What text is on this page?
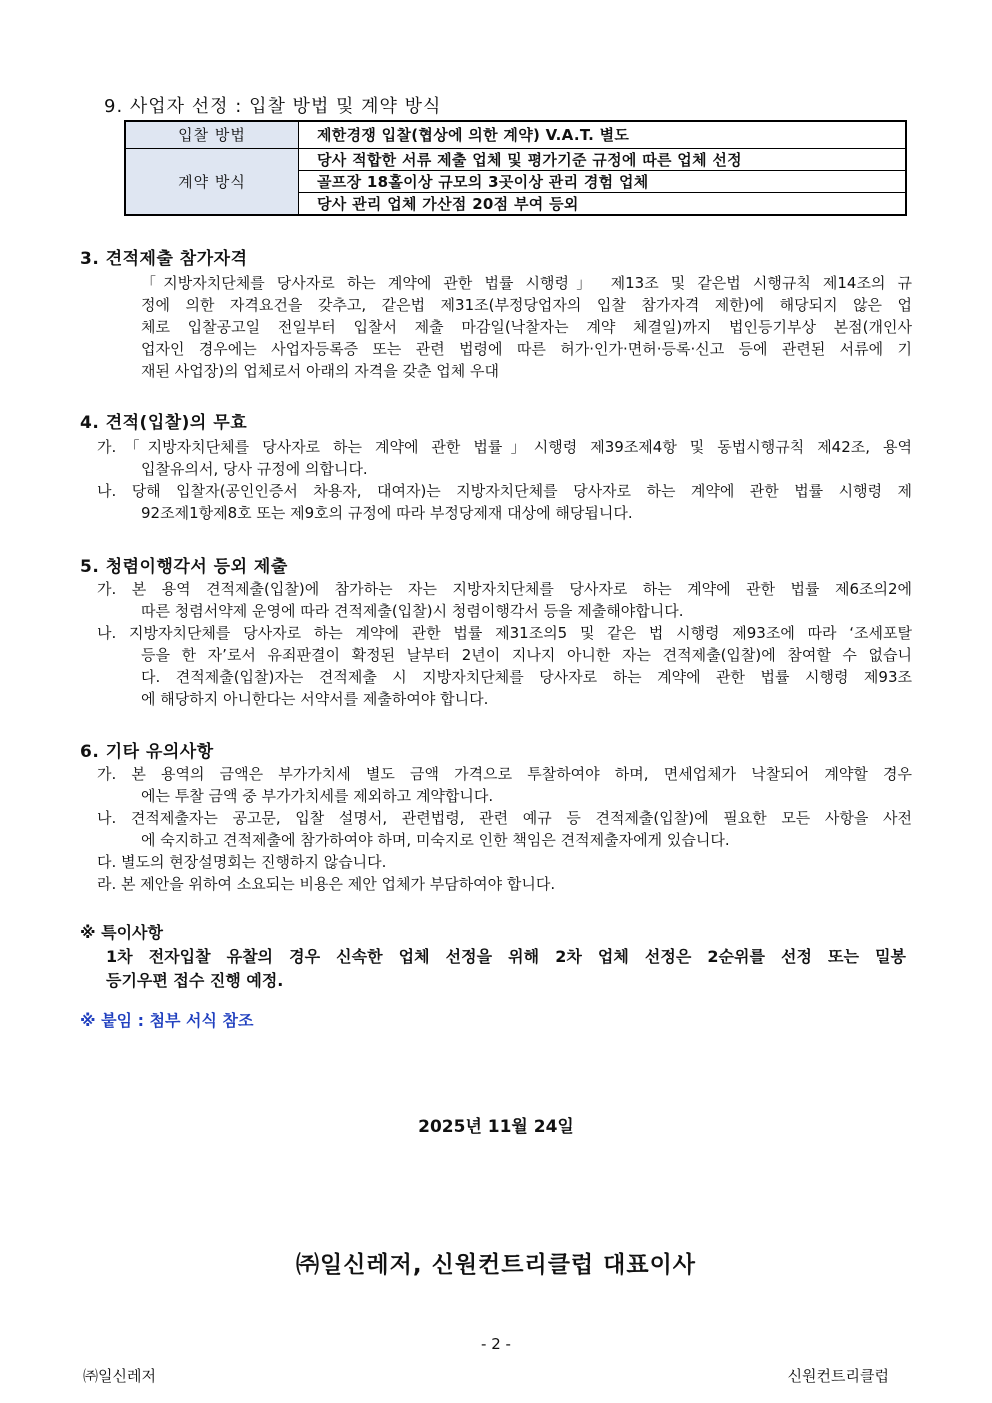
9. 사업자 선정 : 입찰 방법 및 계약 방식
입찰 방법	제한경쟁 입찰(협상에 의한 계약) V.A.T. 별도
계약 방식	당사 적합한 서류 제출 업체 및 평가기준 규정에 따른 업체 선정
	골프장 18홀이상 규모의 3곳이상 관리 경험 업체
	당사 관리 업체 가산점 20점 부여 등외
3. 견적제출 참가자격
「지방자치단체를 당사자로 하는 계약에 관한 법률 시행령」 제13조 및 같은법 시행규칙 제14조의 규
정에 의한 자격요건을 갖추고, 같은법 제31조(부정당업자의 입찰 참가자격 제한)에 해당되지 않은 업
체로 입찰공고일 전일부터 입찰서 제출 마감일(낙찰자는 계약 체결일)까지 법인등기부상 본점(개인사
업자인 경우에는 사업자등록증 또는 관련 법령에 따른 허가·인가·면허·등록·신고 등에 관련된 서류에 기
재된 사업장)의 업체로서 아래의 자격을 갖춘 업체 우대
4. 견적(입찰)의 무효
가.「지방자치단체를 당사자로 하는 계약에 관한 법률」시행령 제39조제4항 및 동법시행규칙 제42조, 용역
입찰유의서, 당사 규정에 의합니다.
나. 당해 입찰자(공인인증서 차용자, 대여자)는 지방자치단체를 당사자로 하는 계약에 관한 법률 시행령 제
92조제1항제8호 또는 제9호의 규정에 따라 부정당제재 대상에 해당됩니다.
5. 청렴이행각서 등외 제출
가. 본 용역 견적제출(입찰)에 참가하는 자는 지방자치단체를 당사자로 하는 계약에 관한 법률 제6조의2에
따른 청렴서약제 운영에 따라 견적제출(입찰)시 청렴이행각서 등을 제출해야합니다.
나. 지방자치단체를 당사자로 하는 계약에 관한 법률 제31조의5 및 같은 법 시행령 제93조에 따라 ‘조세포탈
등을 한 자’로서 유죄판결이 확정된 날부터 2년이 지나지 아니한 자는 견적제출(입찰)에 참여할 수 없습니
다. 견적제출(입찰)자는 견적제출 시 지방자치단체를 당사자로 하는 계약에 관한 법률 시행령 제93조
에 해당하지 아니한다는 서약서를 제출하여야 합니다.
6. 기타 유의사항
가. 본 용역의 금액은 부가가치세 별도 금액 가격으로 투찰하여야 하며, 면세업체가 낙찰되어 계약할 경우
에는 투찰 금액 중 부가가치세를 제외하고 계약합니다.
나. 견적제출자는 공고문, 입찰 설명서, 관련법령, 관련 예규 등 견적제출(입찰)에 필요한 모든 사항을 사전
에 숙지하고 견적제출에 참가하여야 하며, 미숙지로 인한 책임은 견적제출자에게 있습니다.
다. 별도의 현장설명회는 진행하지 않습니다.
라. 본 제안을 위하여 소요되는 비용은 제안 업체가 부담하여야 합니다.
※ 특이사항
1차 전자입찰 유찰의 경우 신속한 업체 선정을 위해 2차 업체 선정은 2순위를 선정 또는 밀봉
등기우편 접수 진행 예정.
※ 붙임 : 첨부 서식 참조
2025년 11월 24일
㈜일신레저, 신원컨트리클럽 대표이사
- 2 -
㈜일신레저	신원컨트리클럽
